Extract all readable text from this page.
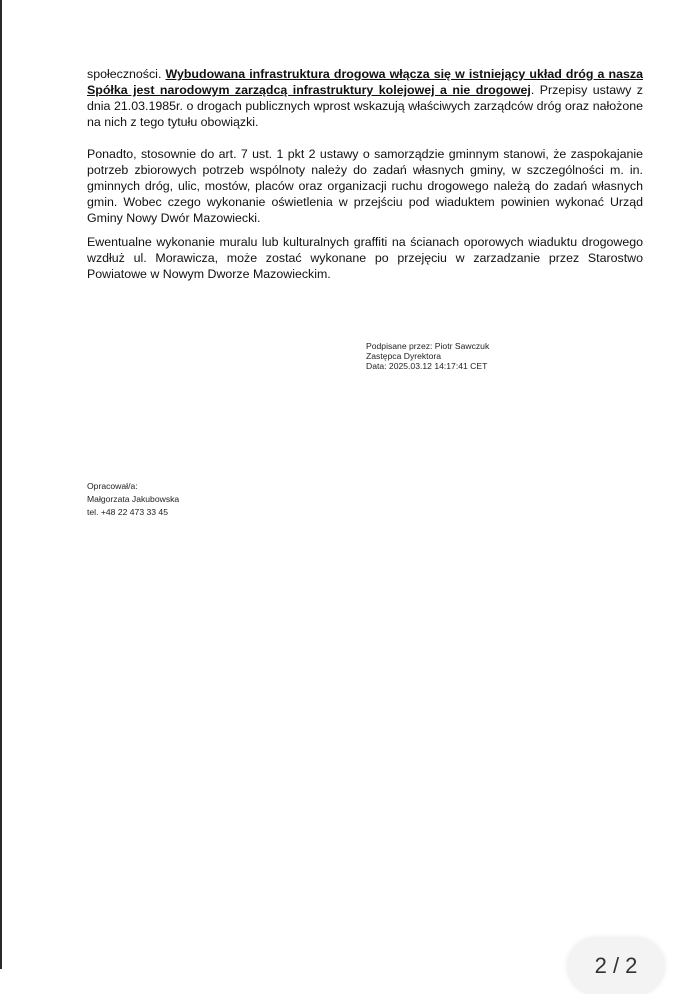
społeczności. Wybudowana infrastruktura drogowa włącza się w istniejący układ dróg a nasza Spółka jest narodowym zarządcą infrastruktury kolejowej a nie drogowej. Przepisy ustawy z dnia 21.03.1985r. o drogach publicznych wprost wskazują właściwych zarządców dróg oraz nałożone na nich z tego tytułu obowiązki.

Ponadto, stosownie do art. 7 ust. 1 pkt 2 ustawy o samorządzie gminnym stanowi, że zaspokajanie potrzeb zbiorowych potrzeb wspólnoty należy do zadań własnych gminy, w szczególności m. in. gminnych dróg, ulic, mostów, placów oraz organizacji ruchu drogowego należą do zadań własnych gmin. Wobec czego wykonanie oświetlenia w przejściu pod wiaduktem powinien wykonać Urząd Gminy Nowy Dwór Mazowiecki.

Ewentualne wykonanie muralu lub kulturalnych graffiti na ścianach oporowych wiaduktu drogowego wzdłuż ul. Morawicza, może zostać wykonane po przejęciu w zarzadzanie przez Starostwo Powiatowe w Nowym Dworze Mazowieckim.

Podpisane przez: Piotr Sawczuk
Zastępca Dyrektora
Data: 2025.03.12 14:17:41 CET
Opracował/a:
Małgorzata Jakubowska
tel. +48 22 473 33 45
2 / 2
